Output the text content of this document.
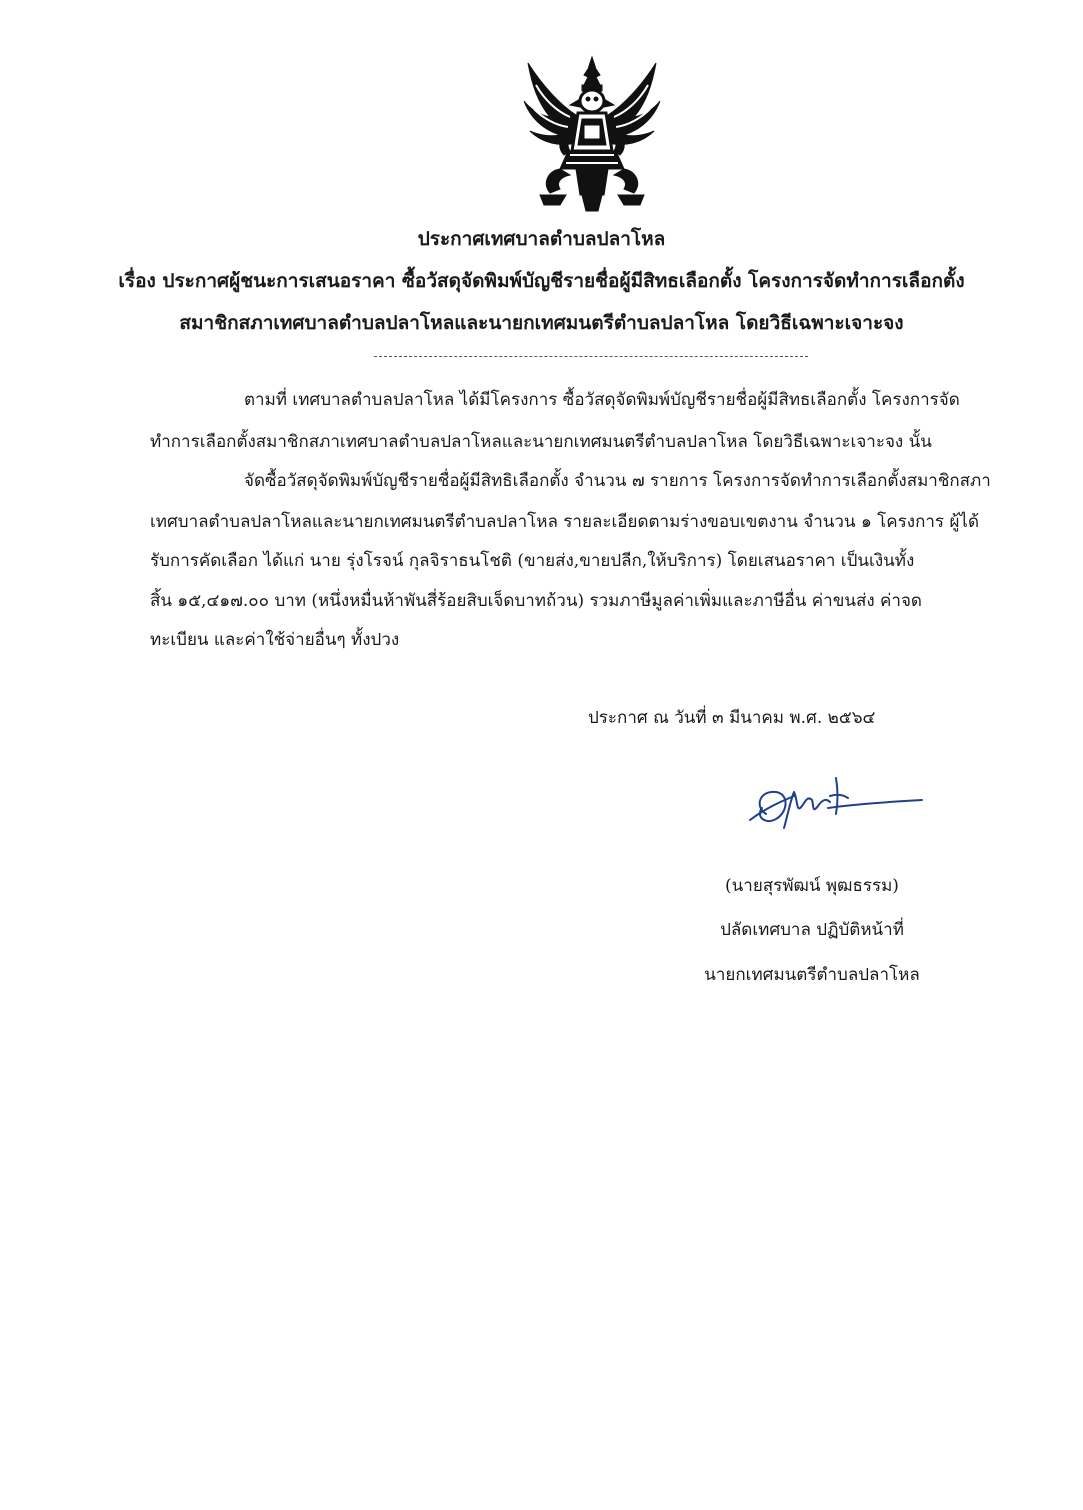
ประกาศเทศบาลตำบลปลาโหล
เรื่อง ประกาศผู้ชนะการเสนอราคา ซื้อวัสดุจัดพิมพ์บัญชีรายชื่อผู้มีสิทธเลือกตั้ง โครงการจัดทำการเลือกตั้ง
สมาชิกสภาเทศบาลตำบลปลาโหลและนายกเทศมนตรีตำบลปลาโหล โดยวิธีเฉพาะเจาะจง
ตามที่ เทศบาลตำบลปลาโหล ได้มีโครงการ ซื้อวัสดุจัดพิมพ์บัญชีรายชื่อผู้มีสิทธเลือกตั้ง โครงการจัด
ทำการเลือกตั้งสมาชิกสภาเทศบาลตำบลปลาโหลและนายกเทศมนตรีตำบลปลาโหล โดยวิธีเฉพาะเจาะจง นั้น
จัดซื้อวัสดุจัดพิมพ์บัญชีรายชื่อผู้มีสิทธิเลือกตั้ง จำนวน ๗ รายการ โครงการจัดทำการเลือกตั้งสมาชิกสภา
เทศบาลตำบลปลาโหลและนายกเทศมนตรีตำบลปลาโหล รายละเอียดตามร่างขอบเขตงาน จำนวน ๑ โครงการ ผู้ได้
รับการคัดเลือก ได้แก่ นาย รุ่งโรจน์ กุลจิราธนโชติ (ขายส่ง,ขายปลีก,ให้บริการ) โดยเสนอราคา เป็นเงินทั้ง
สิ้น ๑๕,๔๑๗.๐๐ บาท (หนึ่งหมื่นห้าพันสี่ร้อยสิบเจ็ดบาทถ้วน) รวมภาษีมูลค่าเพิ่มและภาษีอื่น ค่าขนส่ง ค่าจด
ทะเบียน และค่าใช้จ่ายอื่นๆ ทั้งปวง
ประกาศ ณ วันที่ ๓ มีนาคม พ.ศ. ๒๕๖๔
(นายสุรพัฒน์ พุฒธรรม)
ปลัดเทศบาล ปฏิบัติหน้าที่
นายกเทศมนตรีตำบลปลาโหล
